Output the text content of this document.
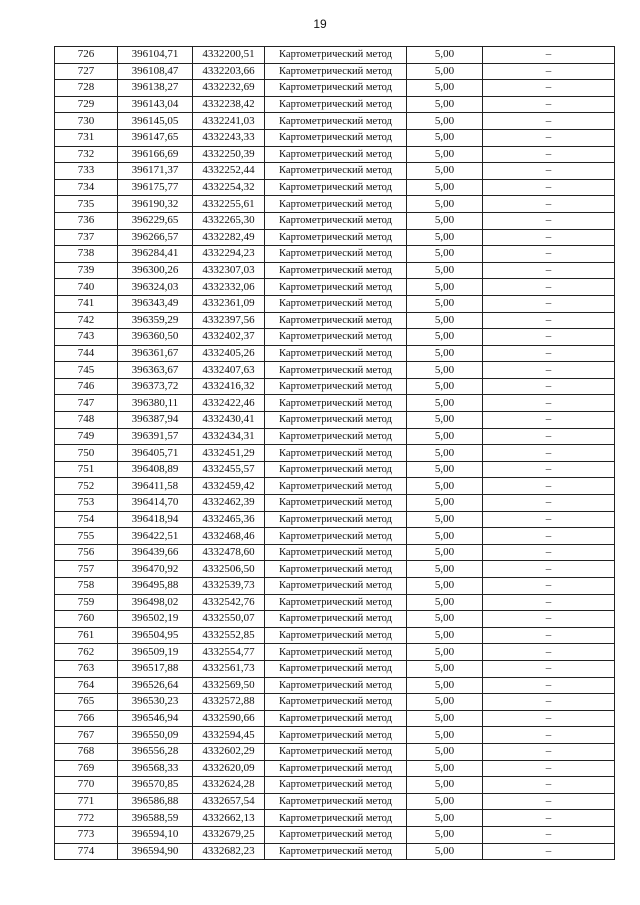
19
726	396104,71	4332200,51	Картометрический метод	5,00	–
727	396108,47	4332203,66	Картометрический метод	5,00	–
728	396138,27	4332232,69	Картометрический метод	5,00	–
729	396143,04	4332238,42	Картометрический метод	5,00	–
730	396145,05	4332241,03	Картометрический метод	5,00	–
731	396147,65	4332243,33	Картометрический метод	5,00	–
732	396166,69	4332250,39	Картометрический метод	5,00	–
733	396171,37	4332252,44	Картометрический метод	5,00	–
734	396175,77	4332254,32	Картометрический метод	5,00	–
735	396190,32	4332255,61	Картометрический метод	5,00	–
736	396229,65	4332265,30	Картометрический метод	5,00	–
737	396266,57	4332282,49	Картометрический метод	5,00	–
738	396284,41	4332294,23	Картометрический метод	5,00	–
739	396300,26	4332307,03	Картометрический метод	5,00	–
740	396324,03	4332332,06	Картометрический метод	5,00	–
741	396343,49	4332361,09	Картометрический метод	5,00	–
742	396359,29	4332397,56	Картометрический метод	5,00	–
743	396360,50	4332402,37	Картометрический метод	5,00	–
744	396361,67	4332405,26	Картометрический метод	5,00	–
745	396363,67	4332407,63	Картометрический метод	5,00	–
746	396373,72	4332416,32	Картометрический метод	5,00	–
747	396380,11	4332422,46	Картометрический метод	5,00	–
748	396387,94	4332430,41	Картометрический метод	5,00	–
749	396391,57	4332434,31	Картометрический метод	5,00	–
750	396405,71	4332451,29	Картометрический метод	5,00	–
751	396408,89	4332455,57	Картометрический метод	5,00	–
752	396411,58	4332459,42	Картометрический метод	5,00	–
753	396414,70	4332462,39	Картометрический метод	5,00	–
754	396418,94	4332465,36	Картометрический метод	5,00	–
755	396422,51	4332468,46	Картометрический метод	5,00	–
756	396439,66	4332478,60	Картометрический метод	5,00	–
757	396470,92	4332506,50	Картометрический метод	5,00	–
758	396495,88	4332539,73	Картометрический метод	5,00	–
759	396498,02	4332542,76	Картометрический метод	5,00	–
760	396502,19	4332550,07	Картометрический метод	5,00	–
761	396504,95	4332552,85	Картометрический метод	5,00	–
762	396509,19	4332554,77	Картометрический метод	5,00	–
763	396517,88	4332561,73	Картометрический метод	5,00	–
764	396526,64	4332569,50	Картометрический метод	5,00	–
765	396530,23	4332572,88	Картометрический метод	5,00	–
766	396546,94	4332590,66	Картометрический метод	5,00	–
767	396550,09	4332594,45	Картометрический метод	5,00	–
768	396556,28	4332602,29	Картометрический метод	5,00	–
769	396568,33	4332620,09	Картометрический метод	5,00	–
770	396570,85	4332624,28	Картометрический метод	5,00	–
771	396586,88	4332657,54	Картометрический метод	5,00	–
772	396588,59	4332662,13	Картометрический метод	5,00	–
773	396594,10	4332679,25	Картометрический метод	5,00	–
774	396594,90	4332682,23	Картометрический метод	5,00	–
